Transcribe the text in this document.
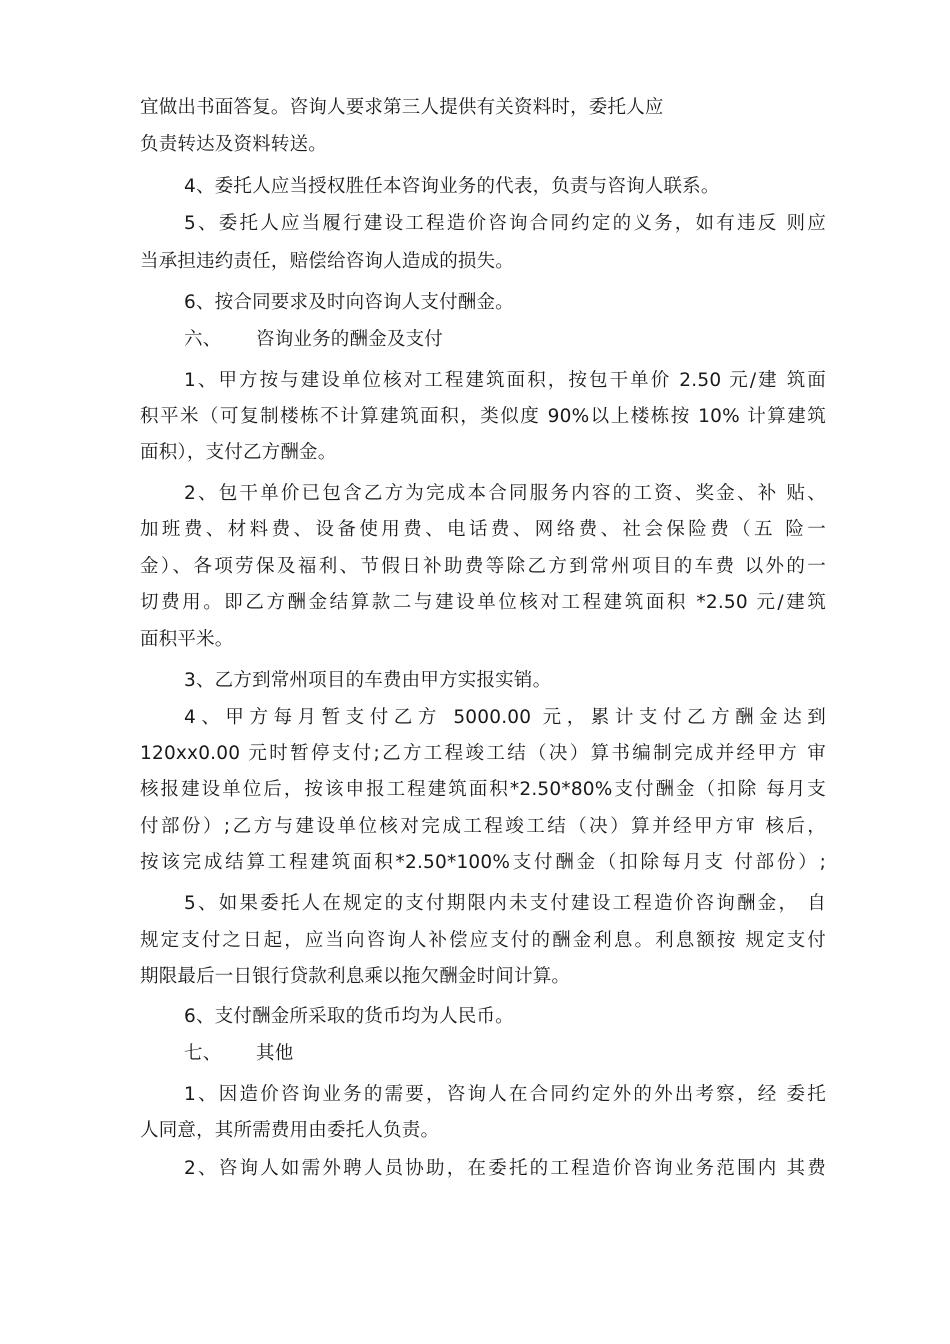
宜做出书面答复。咨询人要求第三人提供有关资料时，委托人应
负责转达及资料转送。
4、委托人应当授权胜任本咨询业务的代表，负责与咨询人联系。
5、委托人应当履行建设工程造价咨询合同约定的义务，如有违反 则应
当承担违约责任，赔偿给咨询人造成的损失。
6、按合同要求及时向咨询人支付酬金。
六、 咨询业务的酬金及支付
1、甲方按与建设单位核对工程建筑面积，按包干单价 2.50 元/建 筑面
积平米（可复制楼栋不计算建筑面积，类似度 90%以上楼栋按 10% 计算建筑
面积），支付乙方酬金。
2、包干单价已包含乙方为完成本合同服务内容的工资、奖金、补 贴、
加班费、材料费、设备使用费、电话费、网络费、社会保险费（五 险一
金）、各项劳保及福利、节假日补助费等除乙方到常州项目的车费 以外的一
切费用。即乙方酬金结算款二与建设单位核对工程建筑面积 *2.50 元/建筑
面积平米。
3、乙方到常州项目的车费由甲方实报实销。
4、甲方每月暂支付乙方 5000.00 元，累计支付乙方酬金达到
120xx0.00 元时暂停支付;乙方工程竣工结（决）算书编制完成并经甲方 审
核报建设单位后，按该申报工程建筑面积*2.50*80%支付酬金（扣除 每月支
付部份）;乙方与建设单位核对完成工程竣工结（决）算并经甲方审 核后，
按该完成结算工程建筑面积*2.50*100%支付酬金（扣除每月支 付部份）;
5、如果委托人在规定的支付期限内未支付建设工程造价咨询酬金， 自
规定支付之日起，应当向咨询人补偿应支付的酬金利息。利息额按 规定支付
期限最后一日银行贷款利息乘以拖欠酬金时间计算。
6、支付酬金所采取的货币均为人民币。
七、 其他
1、因造价咨询业务的需要，咨询人在合同约定外的外出考察，经 委托
人同意，其所需费用由委托人负责。
2、咨询人如需外聘人员协助，在委托的工程造价咨询业务范围内 其费
